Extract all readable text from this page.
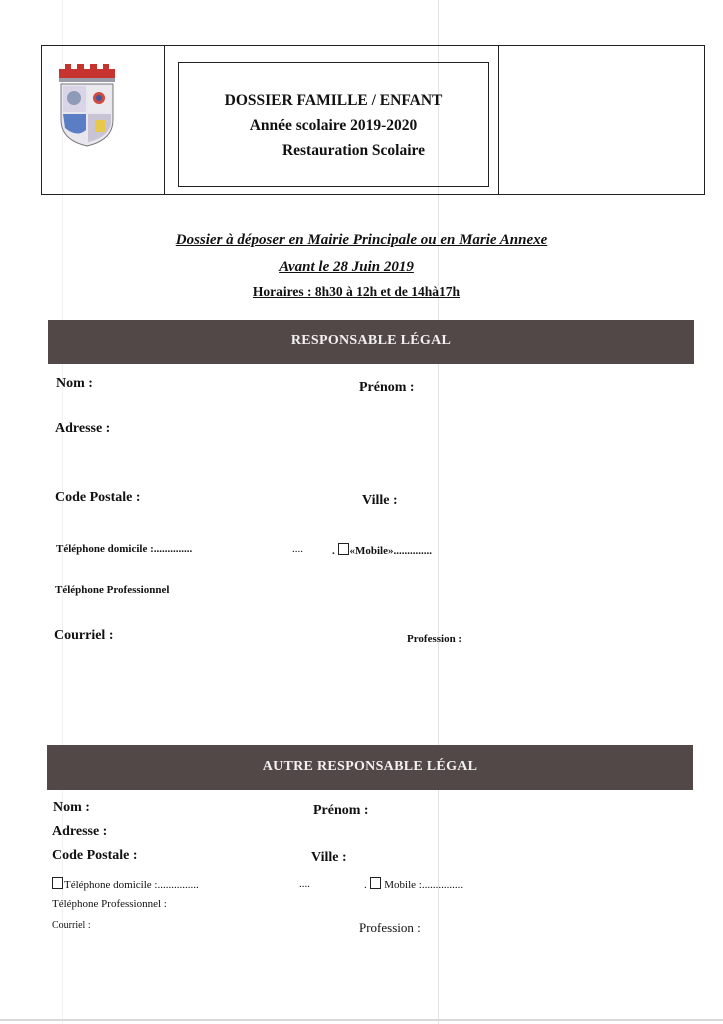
DOSSIER FAMILLE / ENFANT
Année scolaire 2019-2020
Restauration Scolaire
Dossier à déposer en Mairie Principale ou en Marie Annexe
Avant le 28 Juin 2019
Horaires : 8h30 à 12h et de 14hà17h
RESPONSABLE LÉGAL
Nom :	Prénom :
Adresse :
Code Postale :	Ville :
Téléphone domicile :..............	....	. «Mobile»..............
Téléphone Professionnel
Courriel :	Profession :
AUTRE RESPONSABLE LÉGAL
Nom :	Prénom :
Adresse :
Code Postale :	Ville :
Téléphone domicile :...............	....	. Mobile :...............
Téléphone Professionnel :
Courriel :	Profession :
